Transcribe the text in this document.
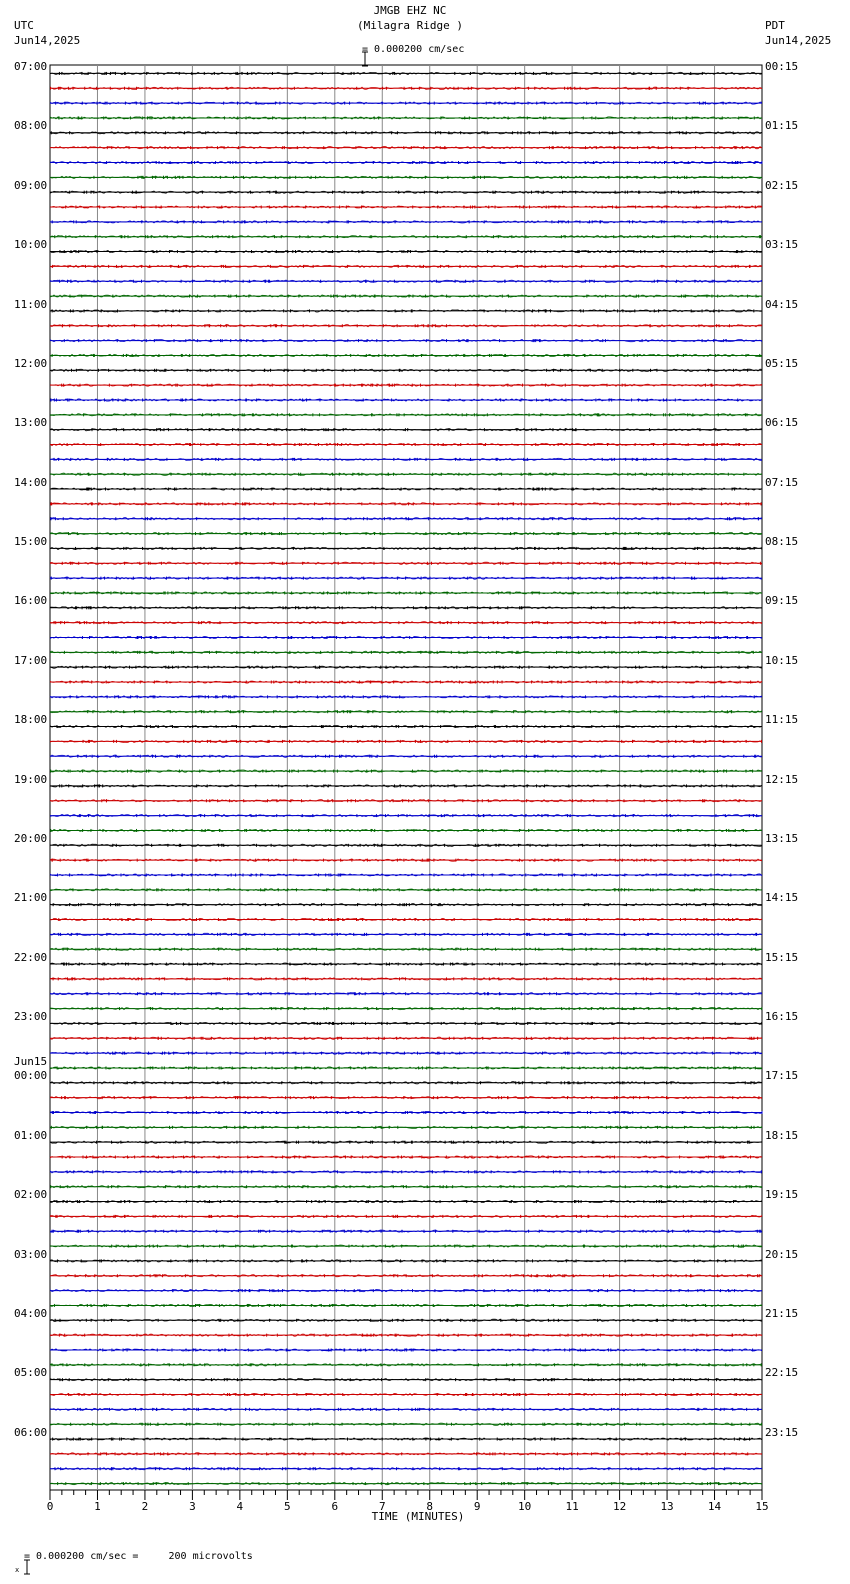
JMGB EHZ NC
(Milagra Ridge )

= 0.000200 cm/sec
UTC
Jun14,2025
PDT
Jun14,2025
0	1	2	3	4	5	6	7	8	9	10	11	12	13	14	15
TIME (MINUTES)

x

= 0.000200 cm/sec =     200 microvolts
07:00
08:00
09:00
10:00
11:00
12:00
13:00
14:00
15:00
16:00
17:00
18:00
19:00
20:00
21:00
22:00
23:00
00:00
Jun15
01:00
02:00
03:00
04:00
05:00
06:00
00:15
01:15
02:15
03:15
04:15
05:15
06:15
07:15
08:15
09:15
10:15
11:15
12:15
13:15
14:15
15:15
16:15
17:15
18:15
19:15
20:15
21:15
22:15
23:15
